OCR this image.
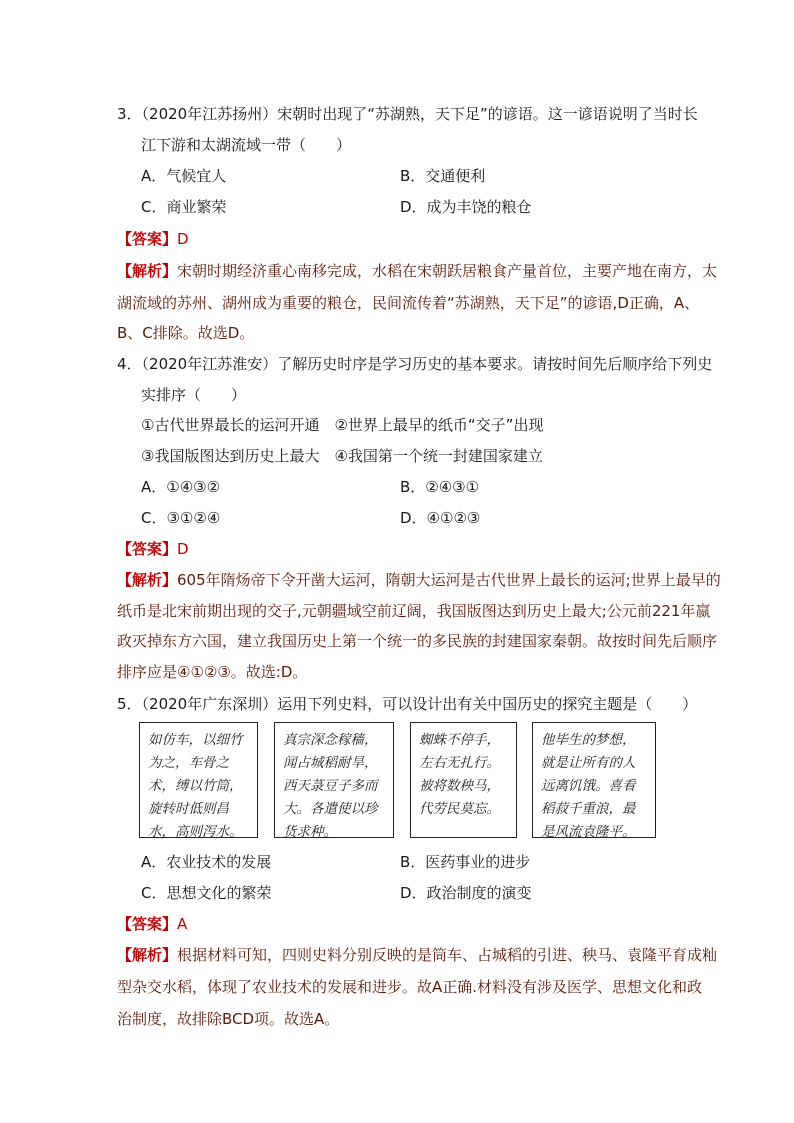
3．（2020年江苏扬州）宋朝时出现了“苏湖熟，天下足”的谚语。这一谚语说明了当时长
江下游和太湖流域一带（　　）
A．气候宜人	B．交通便利
C．商业繁荣	D．成为丰饶的粮仓
【答案】D
【解析】宋朝时期经济重心南移完成，水稻在宋朝跃居粮食产量首位，主要产地在南方，太
湖流域的苏州、湖州成为重要的粮仓，民间流传着“苏湖熟，天下足”的谚语,D正确，A、
B、C排除。故选D。
4．（2020年江苏淮安）了解历史时序是学习历史的基本要求。请按时间先后顺序给下列史
实排序（　　）
①古代世界最长的运河开通　②世界上最早的纸币“交子”出现
③我国版图达到历史上最大　④我国第一个统一封建国家建立
A．①④③②	B．②④③①
C．③①②④	D．④①②③
【答案】D
【解析】605年隋炀帝下令开凿大运河，隋朝大运河是古代世界上最长的运河;世界上最早的
纸币是北宋前期出现的交子,元朝疆域空前辽阔，我国版图达到历史上最大;公元前221年嬴
政灭掉东方六国，建立我国历史上第一个统一的多民族的封建国家秦朝。故按时间先后顺序
排序应是④①②③。故选:D。
5．（2020年广东深圳）运用下列史料，可以设计出有关中国历史的探究主题是（　　）
如仿车，以细竹为之，车骨之术，缚以竹筒，旋转时低则昌水，高则泻水。
真宗深念稼穑，闻占城稻耐旱，西天菉豆子多而大。各遣使以珍货求种。
蜘蛛不停手，左右无扎行。被将数秧马，代劳民莫忘。
他毕生的梦想，就是让所有的人远离饥饿。喜看稻菽千重浪，最是风流袁隆平。
A．农业技术的发展	B．医药事业的进步
C．思想文化的繁荣	D．政治制度的演变
【答案】A
【解析】根据材料可知，四则史料分别反映的是筒车、占城稻的引进、秧马、袁隆平育成籼
型杂交水稻，体现了农业技术的发展和进步。故A正确.材料没有涉及医学、思想文化和政
治制度，故排除BCD项。故选A。
